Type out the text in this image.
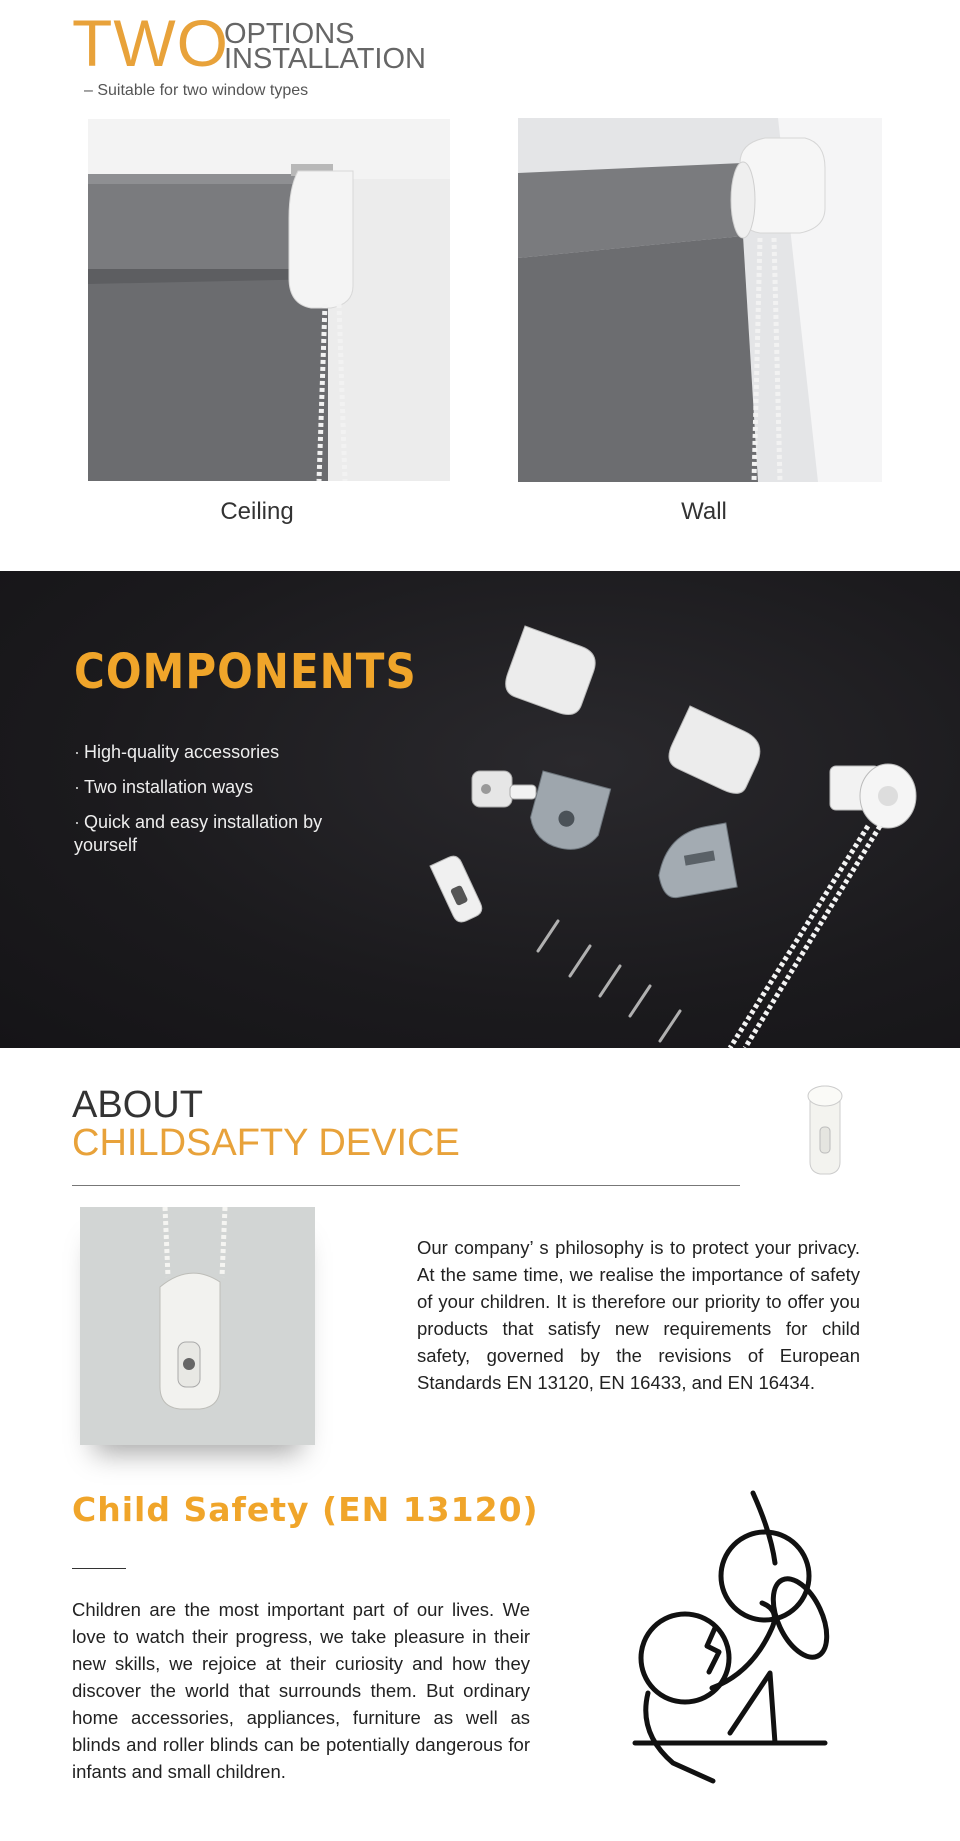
TWO
OPTIONS
INSTALLATION
– Suitable for two window types
Ceiling	Wall
COMPONENTS
· High-quality accessories
· Two installation ways
· Quick and easy installation by yourself
ABOUT
CHILDSAFTY DEVICE
Our company’ s philosophy is to protect your privacy. At the same time, we realise the importance of safety of your children. It is therefore our priority to offer you products that satisfy new requirements for child safety, governed by the revisions of European Standards EN 13120, EN 16433, and EN 16434.
Child Safety (EN 13120)
Children are the most important part of our lives. We love to watch their progress, we take pleasure in their new skills, we rejoice at their curiosity and how they discover the world that surrounds them. But ordinary home accessories, appliances, furniture as well as blinds and roller blinds can be potentially dangerous for infants and small children.
